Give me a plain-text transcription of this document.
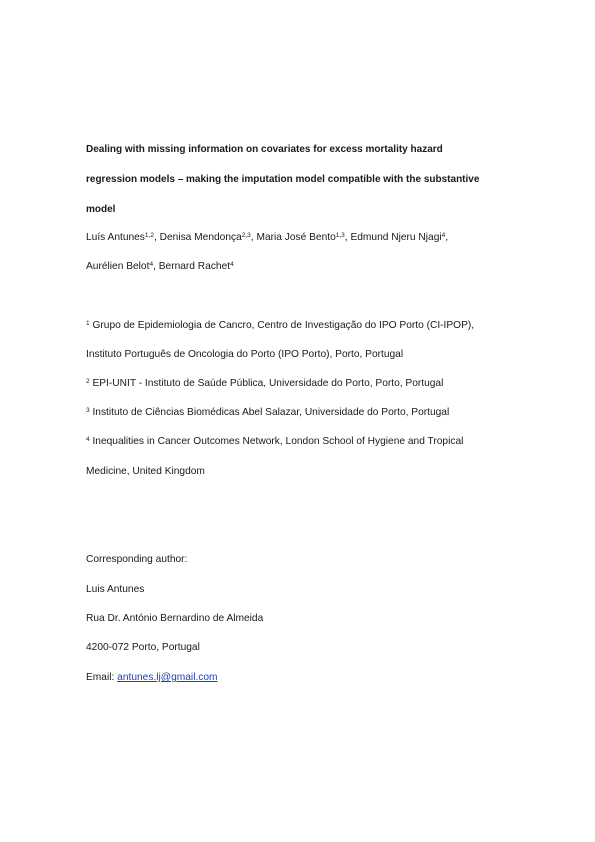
Dealing with missing information on covariates for excess mortality hazard
regression models – making the imputation model compatible with the substantive
model
Luís Antunes$^{1,2}$, Denisa Mendonça$^{2,3}$, Maria José Bento$^{1,3}$, Edmund Njeru Njagi$^4$,
Aurélien Belot$^4$, Bernard Rachet$^4$
$^1$ Grupo de Epidemiologia de Cancro, Centro de Investigação do IPO Porto (CI-IPOP),
Instituto Português de Oncologia do Porto (IPO Porto), Porto, Portugal
$^2$ EPI-UNIT - Instituto de Saúde Pública, Universidade do Porto, Porto, Portugal
$^3$ Instituto de Ciências Biomédicas Abel Salazar, Universidade do Porto, Portugal
$^4$ Inequalities in Cancer Outcomes Network, London School of Hygiene and Tropical
Medicine, United Kingdom
Corresponding author:
Luis Antunes
Rua Dr. António Bernardino de Almeida
4200-072 Porto, Portugal
Email: antunes.lj@gmail.com
